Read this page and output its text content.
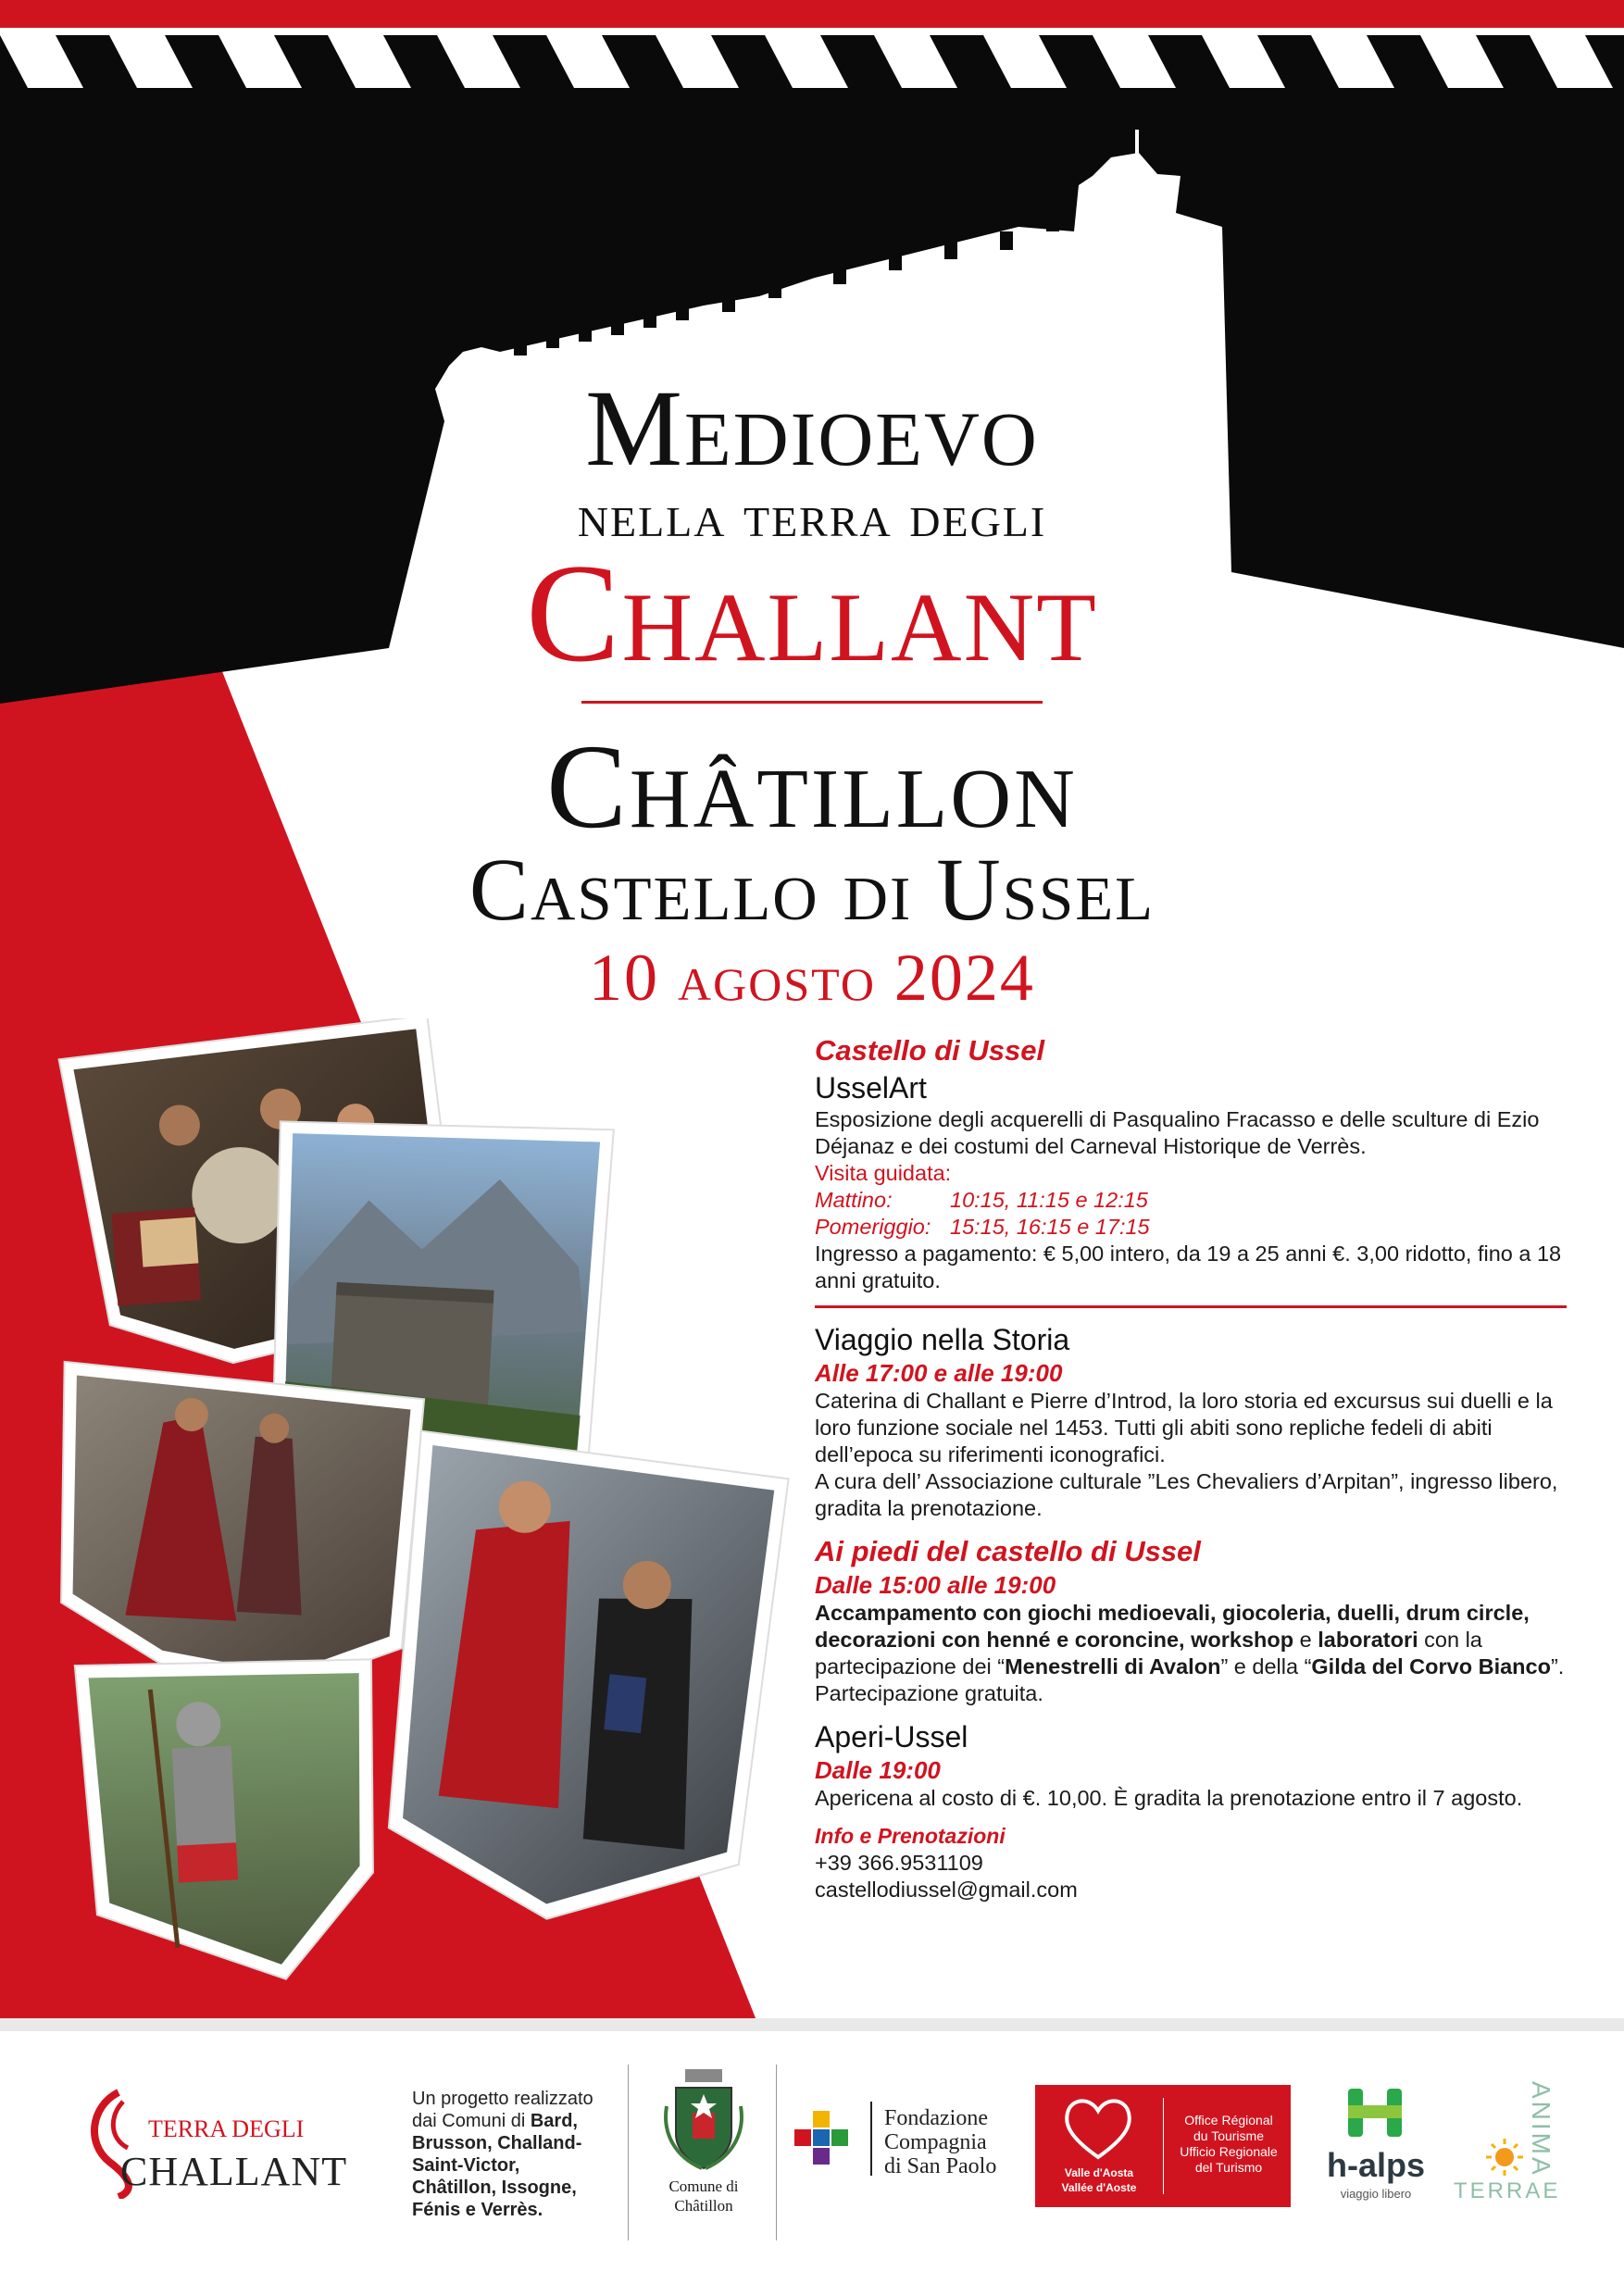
Medioevo
nella terra degli
Challant
Châtillon
Castello di Ussel
10 agosto 2024

Castello di Ussel

UsselArt

Esposizione degli acquerelli di Pasqualino Fracasso e delle sculture di Ezio Déjanaz e dei costumi del Carneval Historique de Verrès.

Visita guidata:

Mattino:	10:15, 11:15 e 12:15

Pomeriggio: 15:15, 16:15 e 17:15

Ingresso a pagamento: € 5,00 intero, da 19 a 25 anni €. 3,00 ridotto, fino a 18 anni gratuito.

Viaggio nella Storia

Alle 17:00 e alle 19:00

Caterina di Challant e Pierre d’Introd, la loro storia ed excursus sui duelli e la loro funzione sociale nel 1453. Tutti gli abiti sono repliche fedeli di abiti dell’epoca su riferimenti iconografici.

A cura dell’ Associazione culturale ”Les Chevaliers d’Arpitan”, ingresso libero, gradita la prenotazione.

Ai piedi del castello di Ussel

Dalle 15:00 alle 19:00

Accampamento con giochi medioevali, giocoleria, duelli, drum circle, decorazioni con henné e coroncine, workshop e laboratori con la partecipazione dei “Menestrelli di Avalon” e della “Gilda del Corvo Bianco”. Partecipazione gratuita.

Aperi-Ussel

Dalle 19:00

Apericena al costo di €. 10,00. È gradita la prenotazione entro il 7 agosto.

Info e Prenotazioni

+39 366.9531109

castellodiussel@gmail.com

TERRA DEGLI
CHALLANT
Un progetto realizzato dai Comuni di Bard, Brusson, Challand-Saint-Victor, Châtillon, Issogne, Fénis e Verrès.
Comune di
Châtillon
Fondazione
Compagnia
di San Paolo	Valle d'Aosta
Vallée d'Aoste
Office Régional
du Tourisme
Ufficio Regionale
del Turismo	h-alps
viaggio libero
ANIMA
TERRAE
